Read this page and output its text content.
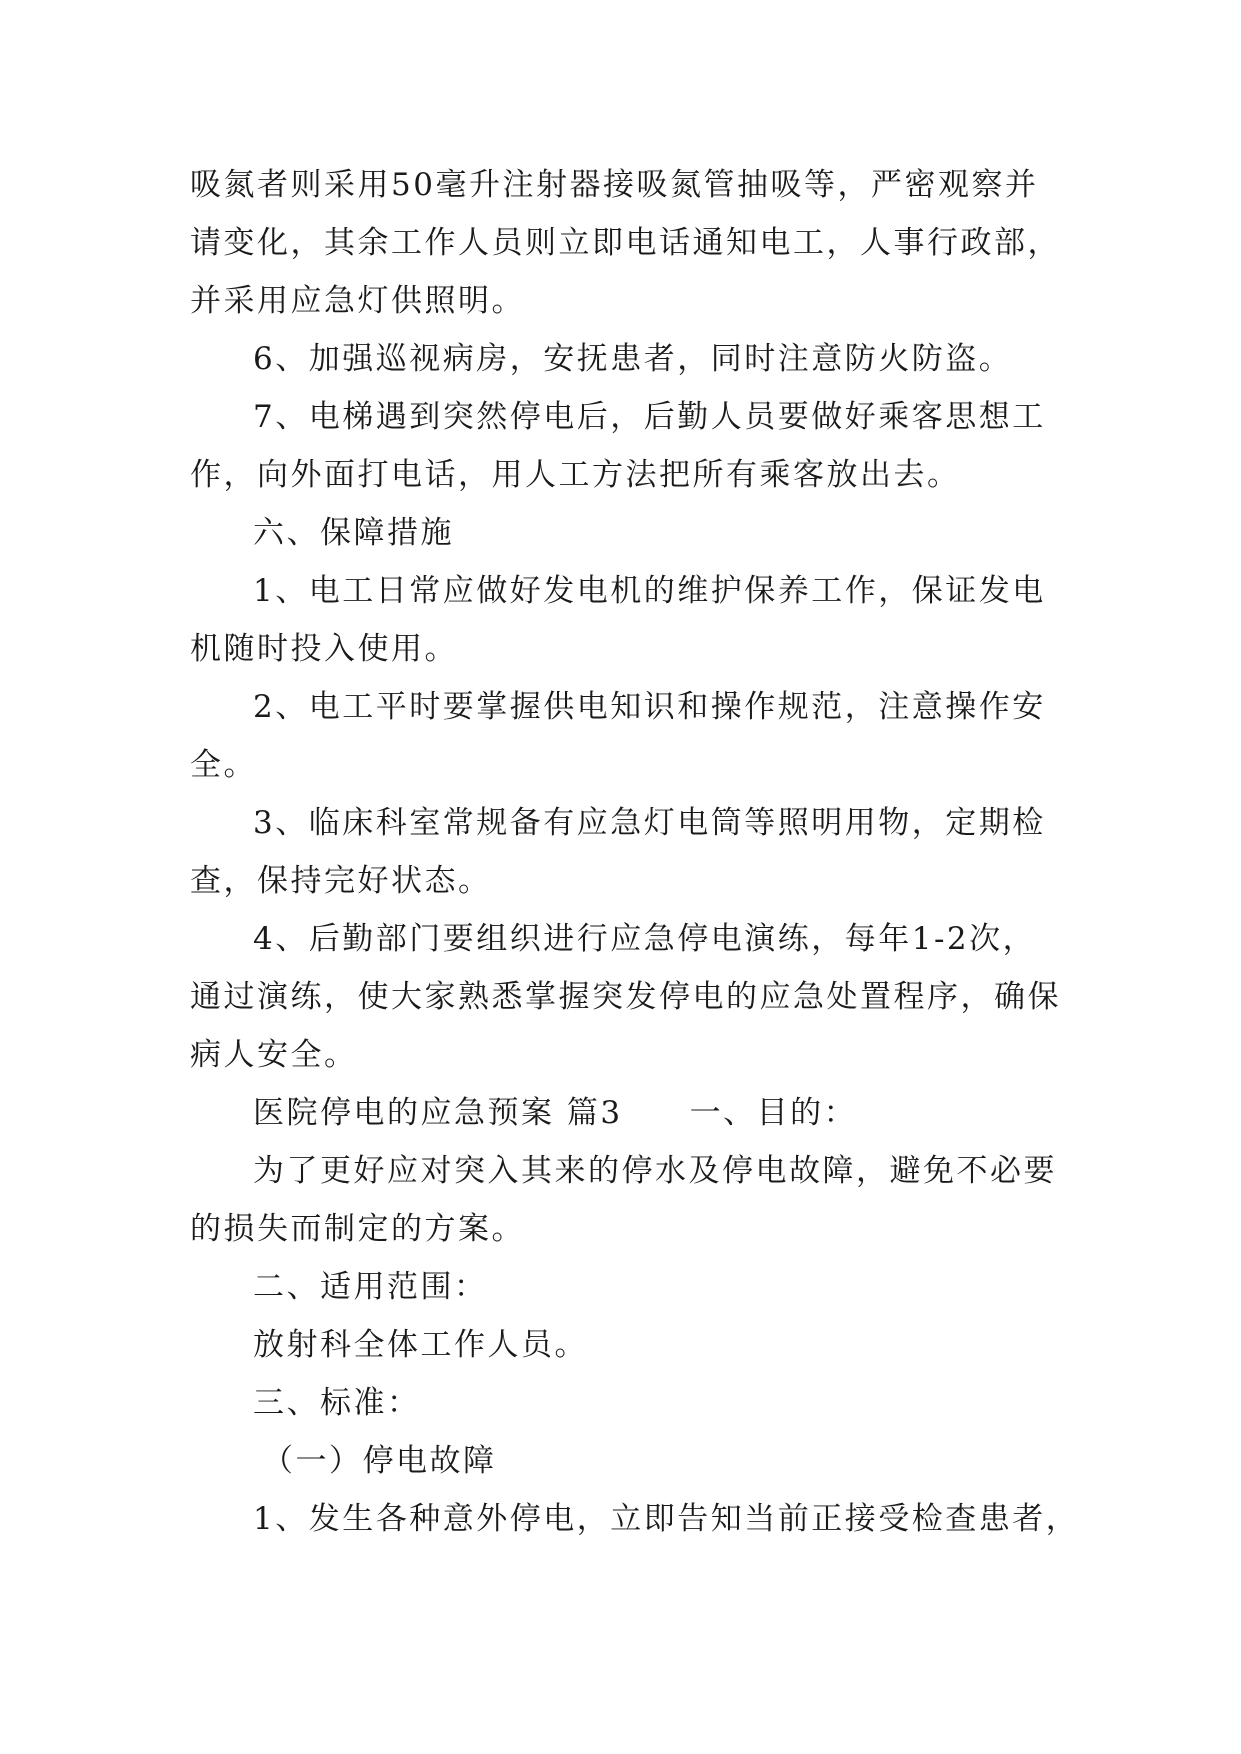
吸氮者则采用50毫升注射器接吸氮管抽吸等，严密观察并
请变化，其余工作人员则立即电话通知电工，人事行政部，
并采用应急灯供照明。
6、加强巡视病房，安抚患者，同时注意防火防盗。
7、电梯遇到突然停电后，后勤人员要做好乘客思想工
作，向外面打电话，用人工方法把所有乘客放出去。
六、保障措施
1、电工日常应做好发电机的维护保养工作，保证发电
机随时投入使用。
2、电工平时要掌握供电知识和操作规范，注意操作安
全。
3、临床科室常规备有应急灯电筒等照明用物，定期检
查，保持完好状态。
4、后勤部门要组织进行应急停电演练，每年1-2次，
通过演练，使大家熟悉掌握突发停电的应急处置程序，确保
病人安全。
医院停电的应急预案 篇3　　一、目的：
为了更好应对突入其来的停水及停电故障，避免不必要
的损失而制定的方案。
二、适用范围：
放射科全体工作人员。
三、标准：
（一）停电故障
1、发生各种意外停电，立即告知当前正接受检查患者，
